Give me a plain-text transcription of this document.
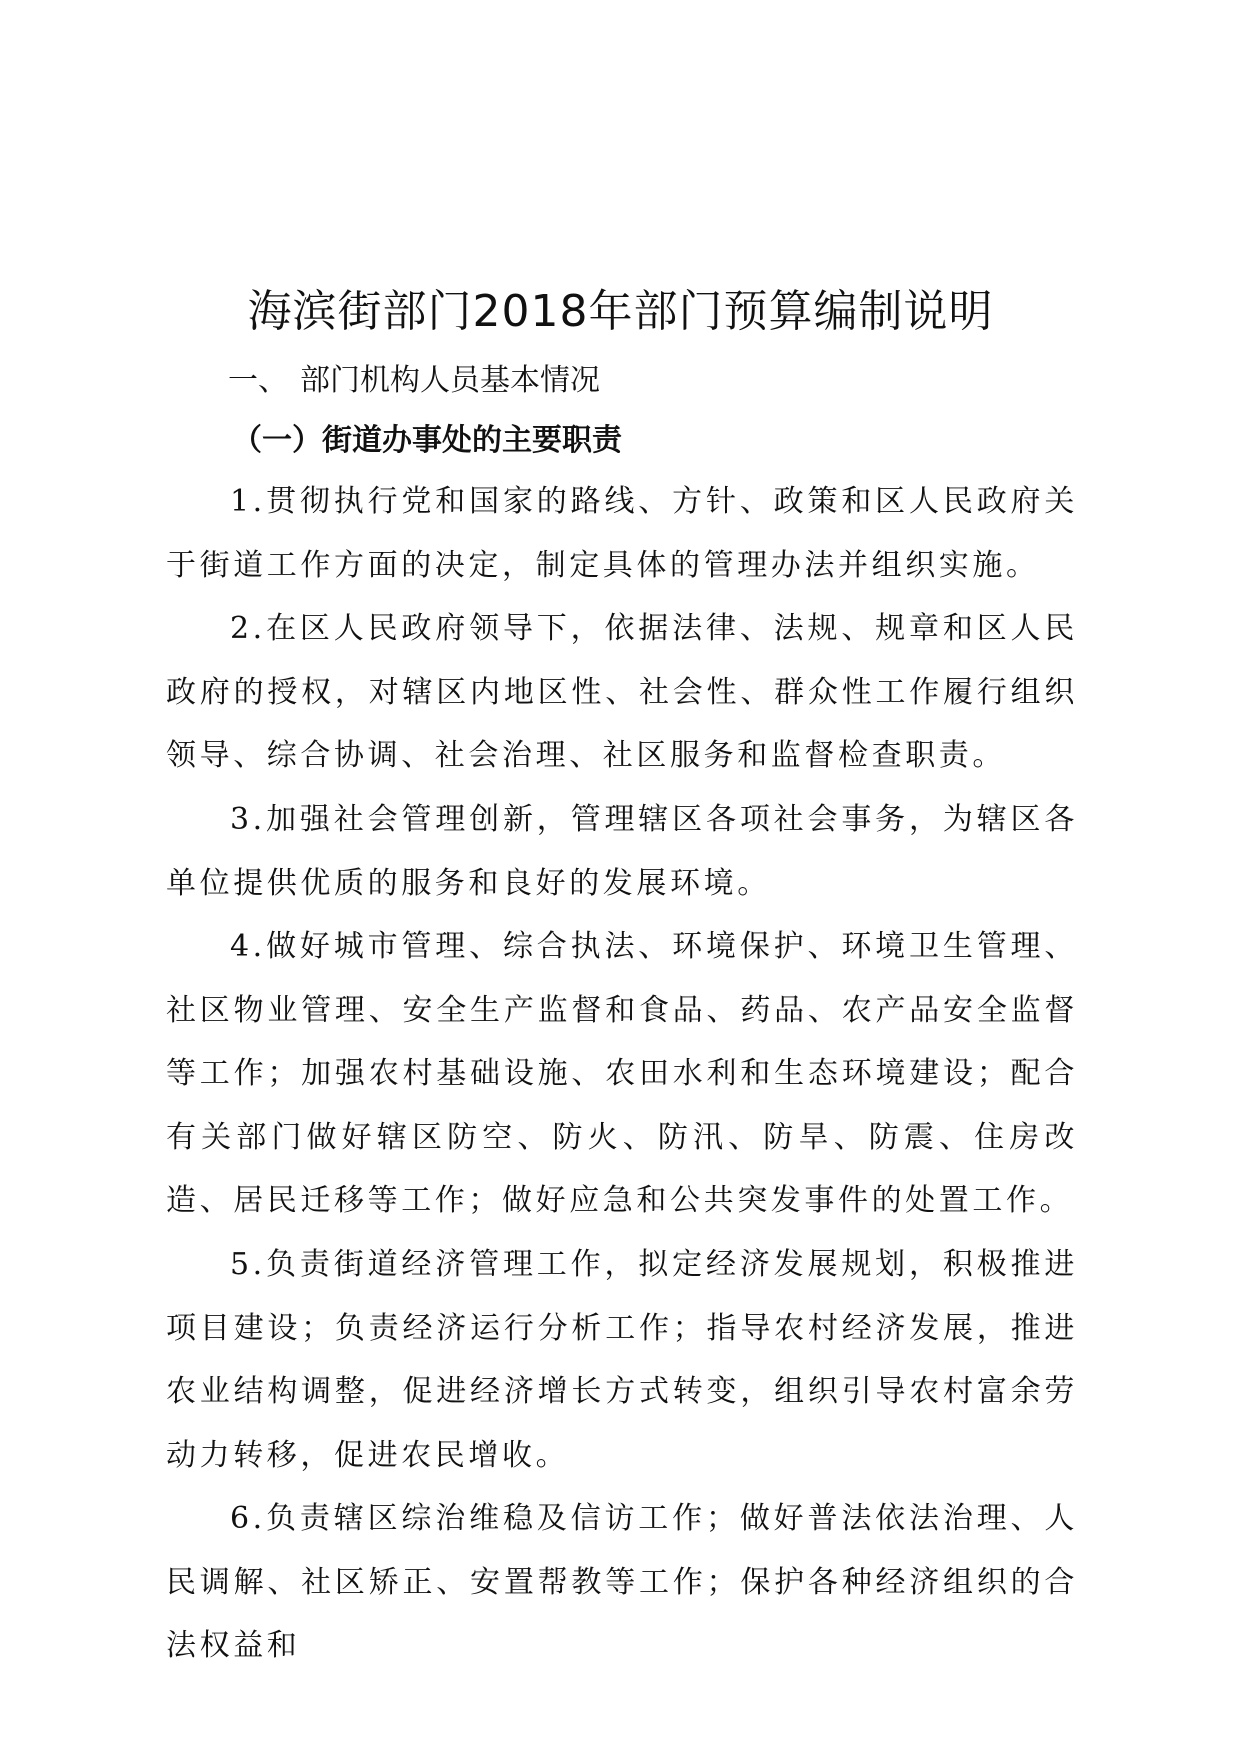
海滨街部门2018年部门预算编制说明
一、 部门机构人员基本情况
（一）街道办事处的主要职责

1.贯彻执行党和国家的路线、方针、政策和区人民政府关于街道工作方面的决定，制定具体的管理办法并组织实施。

2.在区人民政府领导下，依据法律、法规、规章和区人民政府的授权，对辖区内地区性、社会性、群众性工作履行组织领导、综合协调、社会治理、社区服务和监督检查职责。

3.加强社会管理创新，管理辖区各项社会事务，为辖区各单位提供优质的服务和良好的发展环境。

4.做好城市管理、综合执法、环境保护、环境卫生管理、社区物业管理、安全生产监督和食品、药品、农产品安全监督等工作；加强农村基础设施、农田水利和生态环境建设；配合有关部门做好辖区防空、防火、防汛、防旱、防震、住房改造、居民迁移等工作；做好应急和公共突发事件的处置工作。

5.负责街道经济管理工作，拟定经济发展规划，积极推进项目建设；负责经济运行分析工作；指导农村经济发展，推进农业结构调整，促进经济增长方式转变，组织引导农村富余劳动力转移，促进农民增收。

6.负责辖区综治维稳及信访工作；做好普法依法治理、人民调解、社区矫正、安置帮教等工作；保护各种经济组织的合法权益和
